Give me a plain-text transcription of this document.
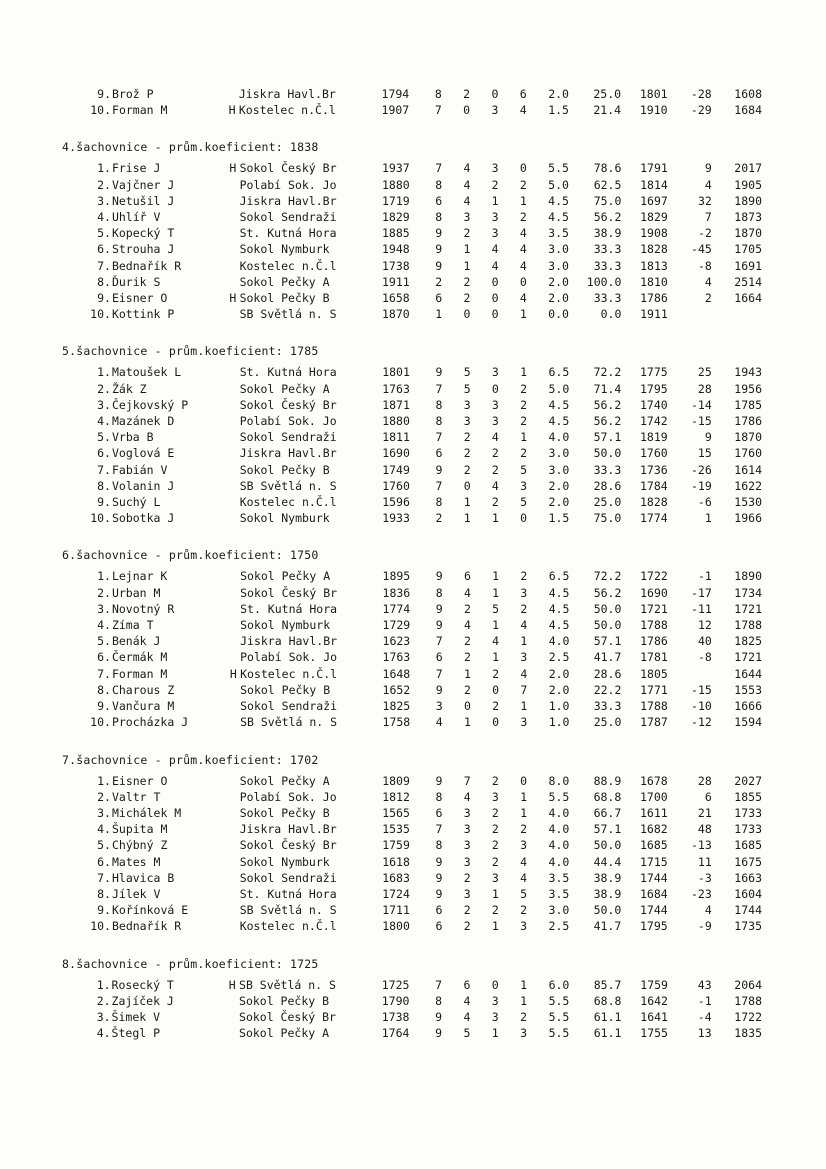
9.	Brož P		Jiskra Havl.Br	1794	8	2	0	6	2.0	25.0	1801	-28	1608
10.	Forman M	H	Kostelec n.Č.l	1907	7	0	3	4	1.5	21.4	1910	-29	1684
4.šachovnice - prům.koeficient: 1838
1.	Frise J	H	Sokol Český Br	1937	7	4	3	0	5.5	78.6	1791	9	2017
2.	Vajčner J		Polabí Sok. Jo	1880	8	4	2	2	5.0	62.5	1814	4	1905
3.	Netušil J		Jiskra Havl.Br	1719	6	4	1	1	4.5	75.0	1697	32	1890
4.	Uhlíř V		Sokol Sendraži	1829	8	3	3	2	4.5	56.2	1829	7	1873
5.	Kopecký T		St. Kutná Hora	1885	9	2	3	4	3.5	38.9	1908	-2	1870
6.	Strouha J		Sokol Nymburk	1948	9	1	4	4	3.0	33.3	1828	-45	1705
7.	Bednařík R		Kostelec n.Č.l	1738	9	1	4	4	3.0	33.3	1813	-8	1691
8.	Ďurik S		Sokol Pečky A	1911	2	2	0	0	2.0	100.0	1810	4	2514
9.	Eisner O	H	Sokol Pečky B	1658	6	2	0	4	2.0	33.3	1786	2	1664
10.	Kottink P		SB Světlá n. S	1870	1	0	0	1	0.0	0.0	1911		
5.šachovnice - prům.koeficient: 1785
1.	Matoušek L		St. Kutná Hora	1801	9	5	3	1	6.5	72.2	1775	25	1943
2.	Žák Z		Sokol Pečky A	1763	7	5	0	2	5.0	71.4	1795	28	1956
3.	Čejkovský P		Sokol Český Br	1871	8	3	3	2	4.5	56.2	1740	-14	1785
4.	Mazánek D		Polabí Sok. Jo	1880	8	3	3	2	4.5	56.2	1742	-15	1786
5.	Vrba B		Sokol Sendraži	1811	7	2	4	1	4.0	57.1	1819	9	1870
6.	Voglová E		Jiskra Havl.Br	1690	6	2	2	2	3.0	50.0	1760	15	1760
7.	Fabián V		Sokol Pečky B	1749	9	2	2	5	3.0	33.3	1736	-26	1614
8.	Volanin J		SB Světlá n. S	1760	7	0	4	3	2.0	28.6	1784	-19	1622
9.	Suchý L		Kostelec n.Č.l	1596	8	1	2	5	2.0	25.0	1828	-6	1530
10.	Sobotka J		Sokol Nymburk	1933	2	1	1	0	1.5	75.0	1774	1	1966
6.šachovnice - prům.koeficient: 1750
1.	Lejnar K		Sokol Pečky A	1895	9	6	1	2	6.5	72.2	1722	-1	1890
2.	Urban M		Sokol Český Br	1836	8	4	1	3	4.5	56.2	1690	-17	1734
3.	Novotný R		St. Kutná Hora	1774	9	2	5	2	4.5	50.0	1721	-11	1721
4.	Zíma T		Sokol Nymburk	1729	9	4	1	4	4.5	50.0	1788	12	1788
5.	Benák J		Jiskra Havl.Br	1623	7	2	4	1	4.0	57.1	1786	40	1825
6.	Čermák M		Polabí Sok. Jo	1763	6	2	1	3	2.5	41.7	1781	-8	1721
7.	Forman M	H	Kostelec n.Č.l	1648	7	1	2	4	2.0	28.6	1805		1644
8.	Charous Z		Sokol Pečky B	1652	9	2	0	7	2.0	22.2	1771	-15	1553
9.	Vančura M		Sokol Sendraži	1825	3	0	2	1	1.0	33.3	1788	-10	1666
10.	Procházka J		SB Světlá n. S	1758	4	1	0	3	1.0	25.0	1787	-12	1594
7.šachovnice - prům.koeficient: 1702
1.	Eisner O		Sokol Pečky A	1809	9	7	2	0	8.0	88.9	1678	28	2027
2.	Valtr T		Polabí Sok. Jo	1812	8	4	3	1	5.5	68.8	1700	6	1855
3.	Michálek M		Sokol Pečky B	1565	6	3	2	1	4.0	66.7	1611	21	1733
4.	Šupita M		Jiskra Havl.Br	1535	7	3	2	2	4.0	57.1	1682	48	1733
5.	Chýbný Z		Sokol Český Br	1759	8	3	2	3	4.0	50.0	1685	-13	1685
6.	Mates M		Sokol Nymburk	1618	9	3	2	4	4.0	44.4	1715	11	1675
7.	Hlavica B		Sokol Sendraži	1683	9	2	3	4	3.5	38.9	1744	-3	1663
8.	Jílek V		St. Kutná Hora	1724	9	3	1	5	3.5	38.9	1684	-23	1604
9.	Kořínková E		SB Světlá n. S	1711	6	2	2	2	3.0	50.0	1744	4	1744
10.	Bednařík R		Kostelec n.Č.l	1800	6	2	1	3	2.5	41.7	1795	-9	1735
8.šachovnice - prům.koeficient: 1725
1.	Rosecký T	H	SB Světlá n. S	1725	7	6	0	1	6.0	85.7	1759	43	2064
2.	Zajíček J		Sokol Pečky B	1790	8	4	3	1	5.5	68.8	1642	-1	1788
3.	Šimek V		Sokol Český Br	1738	9	4	3	2	5.5	61.1	1641	-4	1722
4.	Štegl P		Sokol Pečky A	1764	9	5	1	3	5.5	61.1	1755	13	1835
